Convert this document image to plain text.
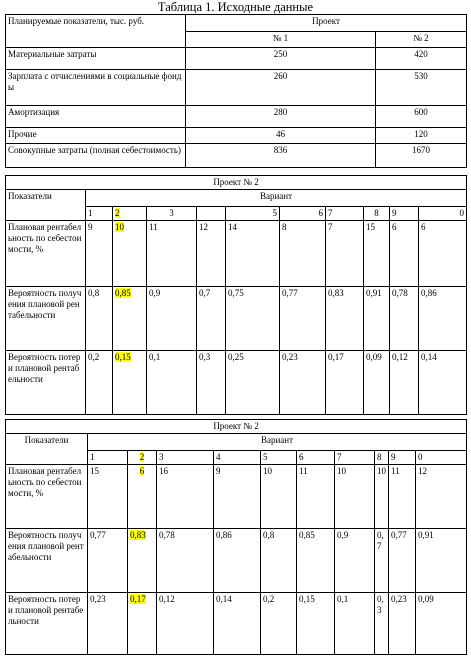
Таблица 1. Исходные данные
Планируемые показатели, тыс. руб.	Проект	
	№ 1	№ 2
Материальные затраты	250	420
Зарплата с отчислениями в социальные фонды	260	530
Амортизация	280	600
Прочие	46	120
Совокупные затраты (полная себестоимость)	836	1670
Проект № 2										
Показатели	Вариант									
	1	2	3		5	6	7	8	9	0
Плановая рентабельность по себестоимости, %	9	10	11	12	14	8	7	15	6	6
Вероятность получения плановой рентабельности	0,8	0,85	0,9	0,7	0,75	0,77	0,83	0,91	0,78	0,86
Вероятность потери плановой рентабельности	0,2	0,15	0,1	0,3	0,25	0,23	0,17	0,09	0,12	0,14
Проект № 2										
Показатели	Вариант									
	1	2	3	4	5	6	7	8	9	0
Плановая рентабельность по себестоимости, %	15	6	16	9	10	11	10	10	11	12
Вероятность получения плановой рентабельности	0,77	0,83	0,78	0,86	0,8	0,85	0,9	0,7	0,77	0,91
Вероятность потери плановой рентабельности	0,23	0,17	0,12	0,14	0,2	0,15	0,1	0,3	0,23	0,09
